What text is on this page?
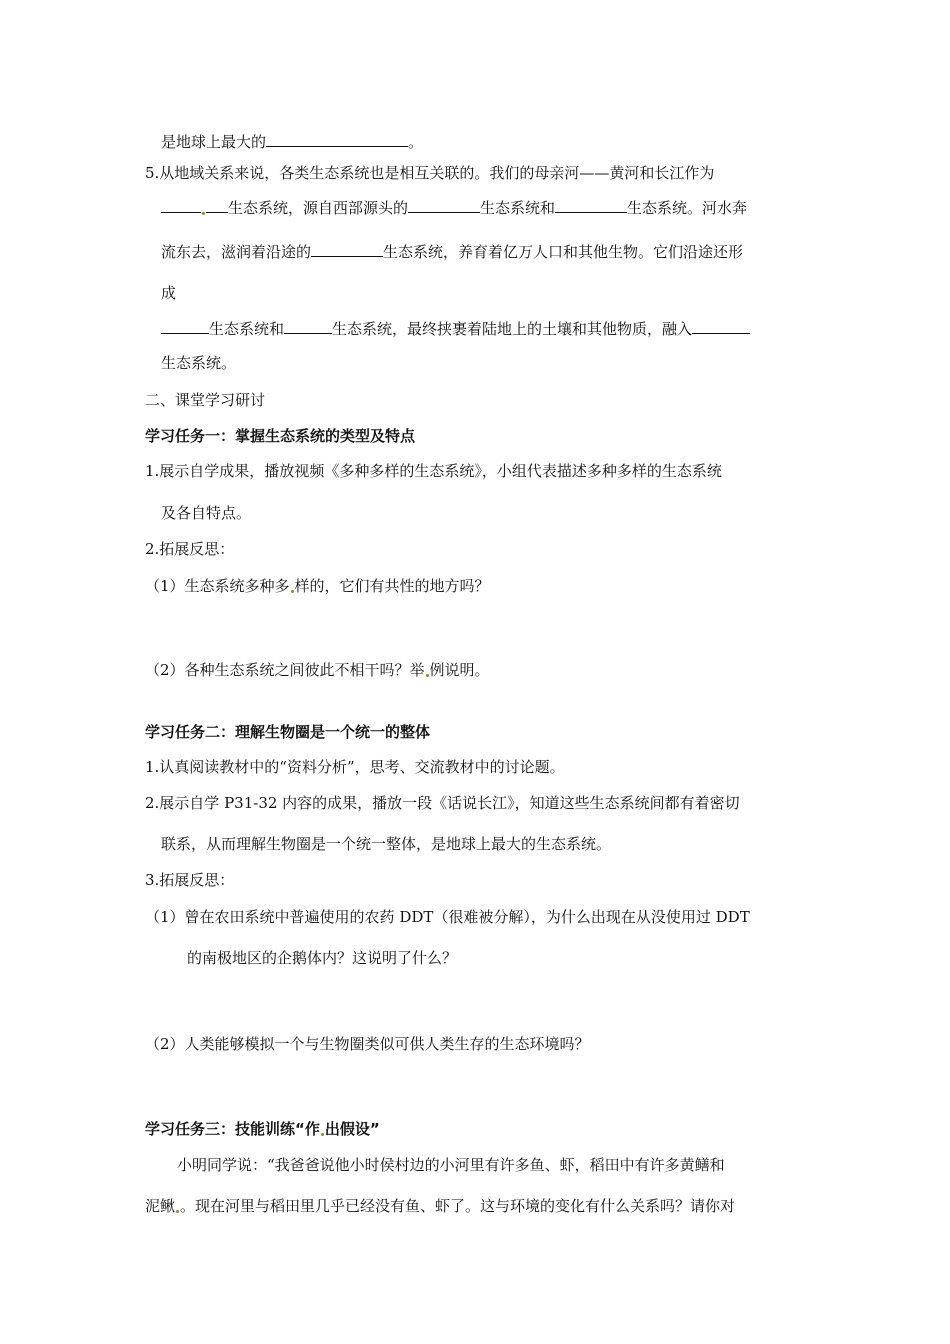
是地球上最大的	。
5.从地域关系来说，各类生态系统也是相互关联的。我们的母亲河——黄河和长江作为
生态系统，源自西部源头的	生态系统和	生态系统。河水奔
流东去，滋润着沿途的	生态系统，养育着亿万人口和其他生物。它们沿途还形
成
生态系统和	生态系统，最终挟裹着陆地上的土壤和其他物质，融入
生态系统。
二、课堂学习研讨
学习任务一：掌握生态系统的类型及特点
1.展示自学成果，播放视频《多种多样的生态系统》，小组代表描述多种多样的生态系统
及各自特点。
2.拓展反思：
（1）生态系统多种多 样的，它们有共性的地方吗？
（2）各种生态系统之间彼此不相干吗？举 例说明。
学习任务二：理解生物圈是一个统一的整体
1.认真阅读教材中的“资料分析”，思考、交流教材中的讨论题。
2.展示自学 P31-32 内容的成果，播放一段《话说长江》，知道这些生态系统间都有着密切
联系，从而理解生物圈是一个统一整体，是地球上最大的生态系统。
3.拓展反思：
（1）曾在农田系统中普遍使用的农药 DDT（很难被分解），为什么出现在从没使用过 DDT
的南极地区的企鹅体内？这说明了什么？
（2）人类能够模拟一个与生物圈类似可供人类生存的生态环境吗？
学习任务三：技能训练“作 出假设”
小明同学说：“我爸爸说他小时侯村边的小河里有许多鱼、虾，稻田中有许多黄鳝和
泥鳅 。现在河里与稻田里几乎已经没有鱼、虾了。这与环境的变化有什么关系吗？请你对
